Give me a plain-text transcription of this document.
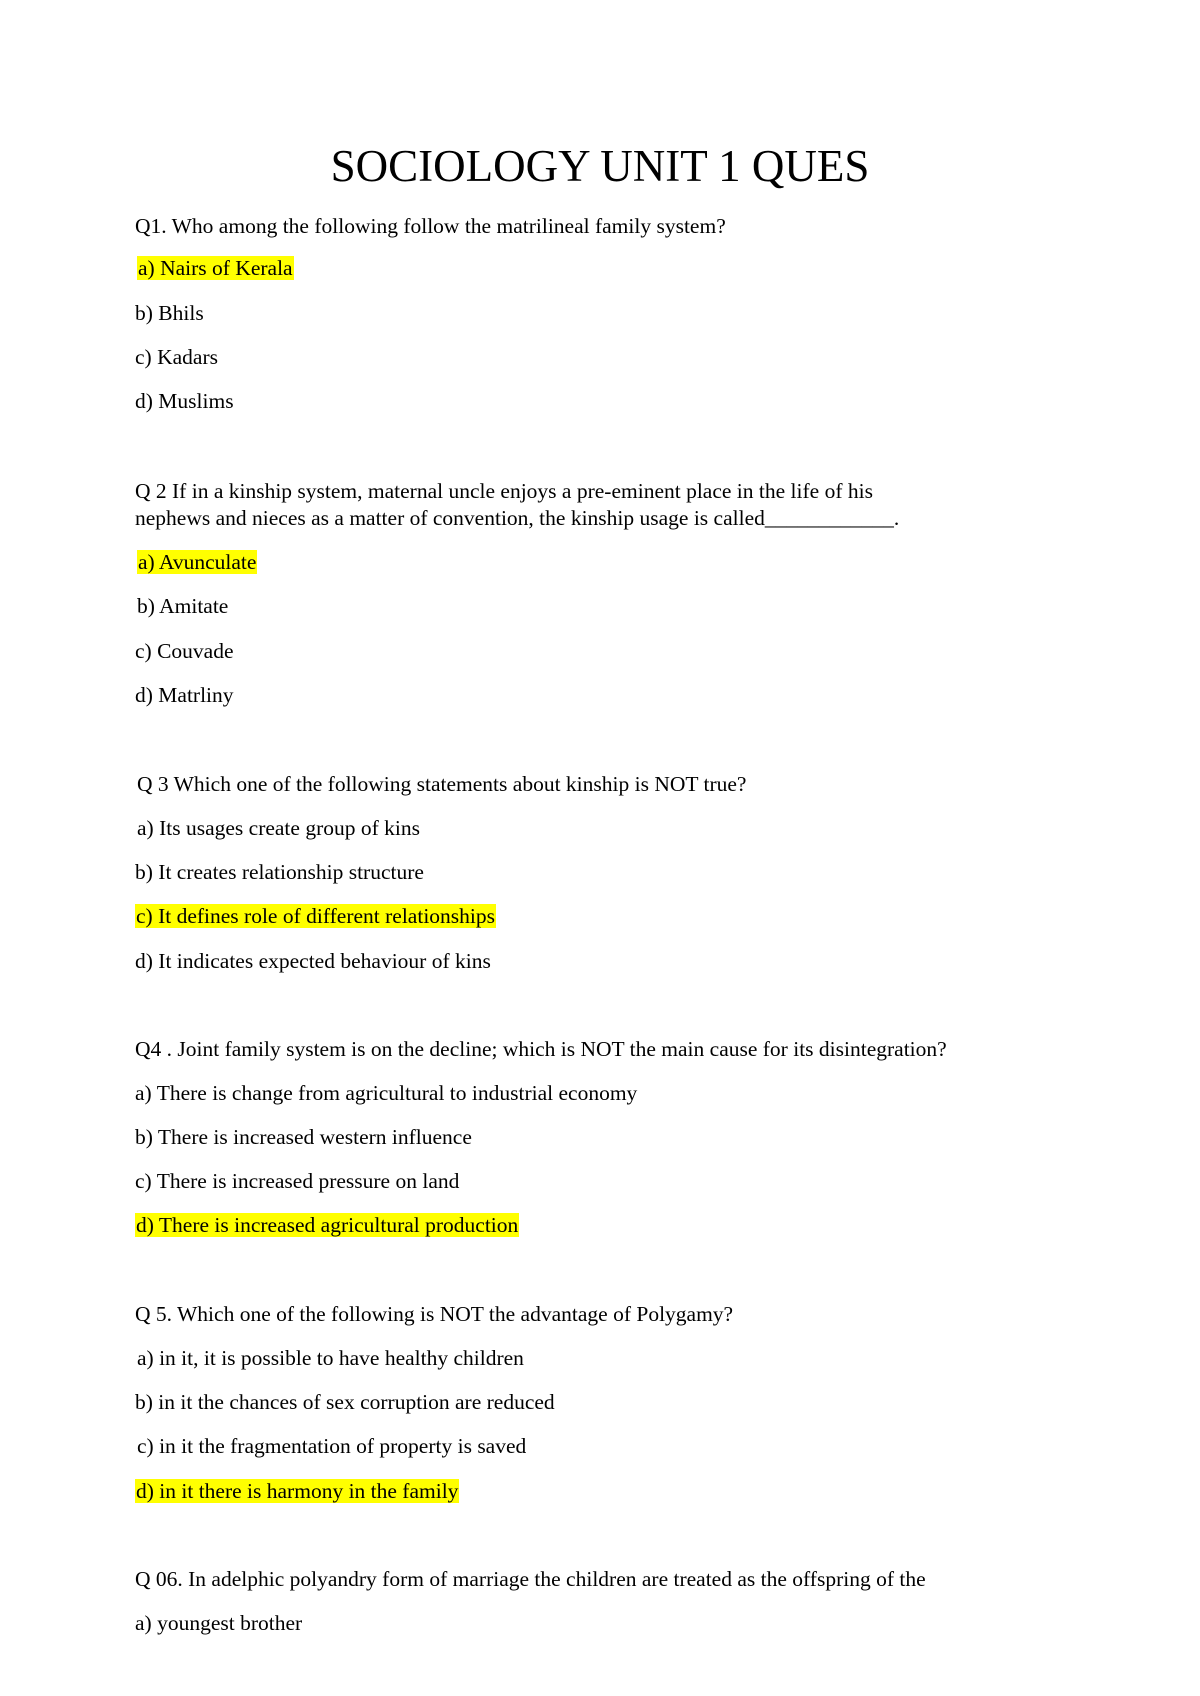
SOCIOLOGY UNIT 1 QUES
Q1. Who among the following follow the matrilineal family system?
a) Nairs of Kerala
b) Bhils
c) Kadars
d) Muslims
Q 2 If in a kinship system, maternal uncle enjoys a pre-eminent place in the life of his
nephews and nieces as a matter of convention, the kinship usage is called____________.
a) Avunculate
b) Amitate
c) Couvade
d) Matrliny
Q 3 Which one of the following statements about kinship is NOT true?
a) Its usages create group of kins
b) It creates relationship structure
c) It defines role of different relationships
d) It indicates expected behaviour of kins
Q4 . Joint family system is on the decline; which is NOT the main cause for its disintegration?
a) There is change from agricultural to industrial economy
b) There is increased western influence
c) There is increased pressure on land
d) There is increased agricultural production
Q 5. Which one of the following is NOT the advantage of Polygamy?
a) in it, it is possible to have healthy children
b) in it the chances of sex corruption are reduced
c) in it the fragmentation of property is saved
d) in it there is harmony in the family
Q 06. In adelphic polyandry form of marriage the children are treated as the offspring of the
a) youngest brother
